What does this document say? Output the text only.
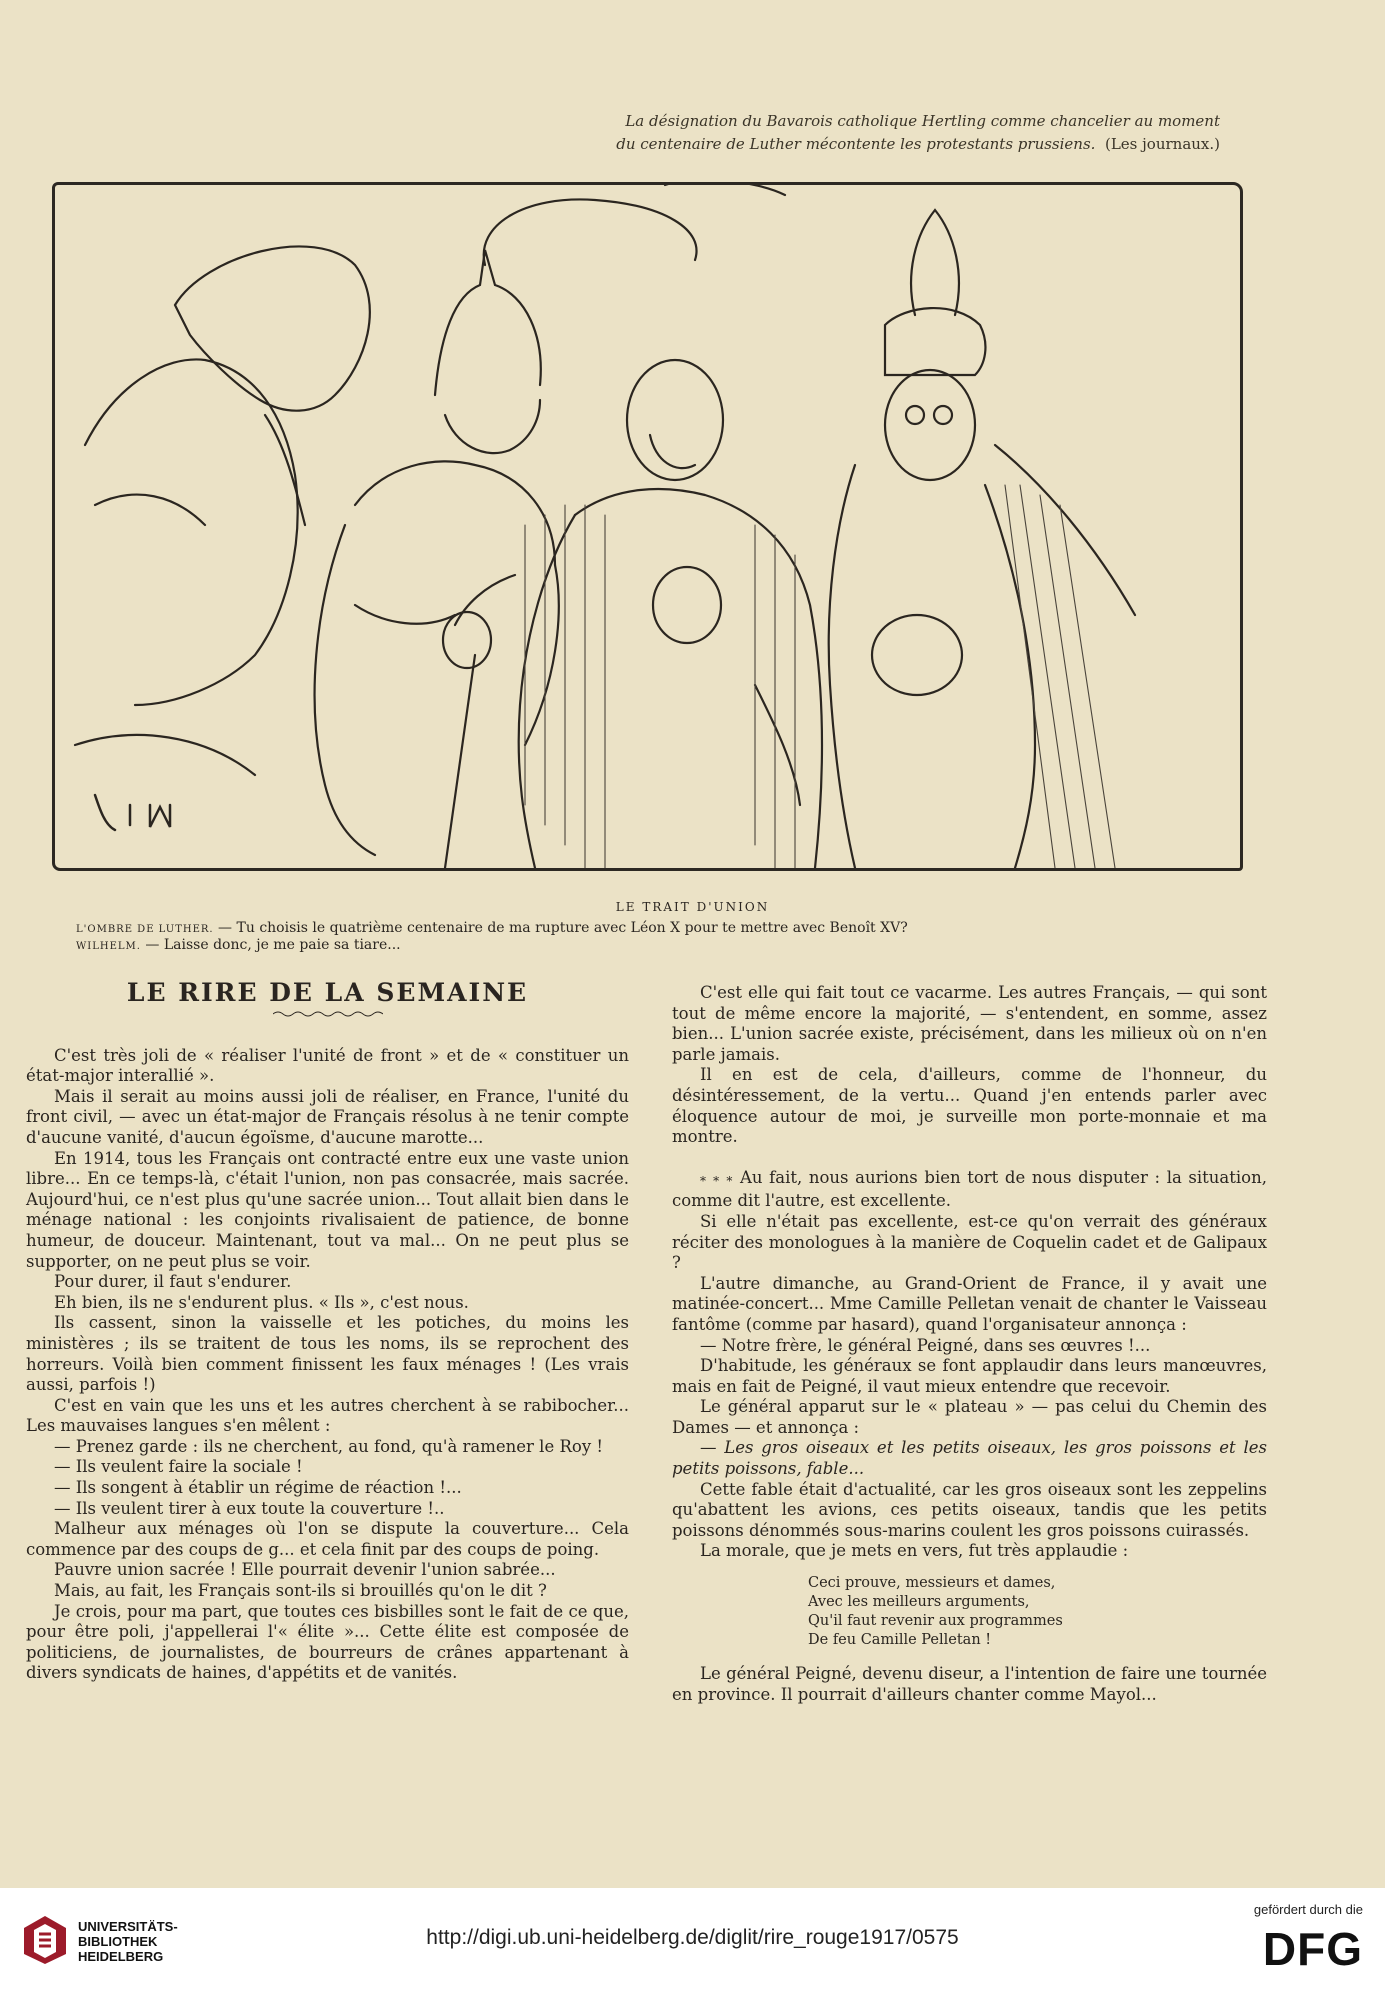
La désignation du Bavarois catholique Hertling comme chancelier au moment
du centenaire de Luther mécontente les protestants prussiens. (Les journaux.)
L. M.
LE TRAIT D'UNION
L'OMBRE DE LUTHER. — Tu choisis le quatrième centenaire de ma rupture avec Léon X pour te mettre avec Benoît XV?
WILHELM. — Laisse donc, je me paie sa tiare...
LE RIRE DE LA SEMAINE

C'est très joli de « réaliser l'unité de front » et de « constituer un état-major interallié ».

Mais il serait au moins aussi joli de réaliser, en France, l'unité du front civil, — avec un état-major de Français résolus à ne tenir compte d'aucune vanité, d'aucun égoïsme, d'aucune marotte...

En 1914, tous les Français ont contracté entre eux une vaste union libre... En ce temps-là, c'était l'union, non pas consacrée, mais sacrée. Aujourd'hui, ce n'est plus qu'une sacrée union... Tout allait bien dans le ménage national : les conjoints rivalisaient de patience, de bonne humeur, de douceur. Maintenant, tout va mal... On ne peut plus se supporter, on ne peut plus se voir.

Pour durer, il faut s'endurer.

Eh bien, ils ne s'endurent plus. « Ils », c'est nous.

Ils cassent, sinon la vaisselle et les potiches, du moins les ministères ; ils se traitent de tous les noms, ils se reprochent des horreurs. Voilà bien comment finissent les faux ménages ! (Les vrais aussi, parfois !)

C'est en vain que les uns et les autres cherchent à se rabibocher... Les mauvaises langues s'en mêlent :

— Prenez garde : ils ne cherchent, au fond, qu'à ramener le Roy !

— Ils veulent faire la sociale !

— Ils songent à établir un régime de réaction !...

— Ils veulent tirer à eux toute la couverture !..

Malheur aux ménages où l'on se dispute la couverture... Cela commence par des coups de g... et cela finit par des coups de poing.

Pauvre union sacrée ! Elle pourrait devenir l'union sabrée...

Mais, au fait, les Français sont-ils si brouillés qu'on le dit ?

Je crois, pour ma part, que toutes ces bisbilles sont le fait de ce que, pour être poli, j'appellerai l'« élite »... Cette élite est composée de politiciens, de journalistes, de bourreurs de crânes appartenant à divers syndicats de haines, d'appétits et de vanités.

C'est elle qui fait tout ce vacarme. Les autres Français, — qui sont tout de même encore la majorité, — s'entendent, en somme, assez bien... L'union sacrée existe, précisément, dans les milieux où on n'en parle jamais.

Il en est de cela, d'ailleurs, comme de l'honneur, du désintéressement, de la vertu... Quand j'en entends parler avec éloquence autour de moi, je surveille mon porte-monnaie et ma montre.

* * * Au fait, nous aurions bien tort de nous disputer : la situation, comme dit l'autre, est excellente.

Si elle n'était pas excellente, est-ce qu'on verrait des généraux réciter des monologues à la manière de Coquelin cadet et de Galipaux ?

L'autre dimanche, au Grand-Orient de France, il y avait une matinée-concert... Mme Camille Pelletan venait de chanter le Vaisseau fantôme (comme par hasard), quand l'organisateur annonça :

— Notre frère, le général Peigné, dans ses œuvres !...

D'habitude, les généraux se font applaudir dans leurs manœuvres, mais en fait de Peigné, il vaut mieux entendre que recevoir.

Le général apparut sur le « plateau » — pas celui du Chemin des Dames — et annonça :

— Les gros oiseaux et les petits oiseaux, les gros poissons et les petits poissons, fable...

Cette fable était d'actualité, car les gros oiseaux sont les zeppelins qu'abattent les avions, ces petits oiseaux, tandis que les petits poissons dénommés sous-marins coulent les gros poissons cuirassés.

La morale, que je mets en vers, fut très applaudie :

Ceci prouve, messieurs et dames,
Avec les meilleurs arguments,
Qu'il faut revenir aux programmes
De feu Camille Pelletan !

Le général Peigné, devenu diseur, a l'intention de faire une tournée en province. Il pourrait d'ailleurs chanter comme Mayol...

UNIVERSITÄTS-
BIBLIOTHEK
HEIDELBERG
http://digi.ub.uni-heidelberg.de/diglit/rire_rouge1917/0575
gefördert durch die
DFG
